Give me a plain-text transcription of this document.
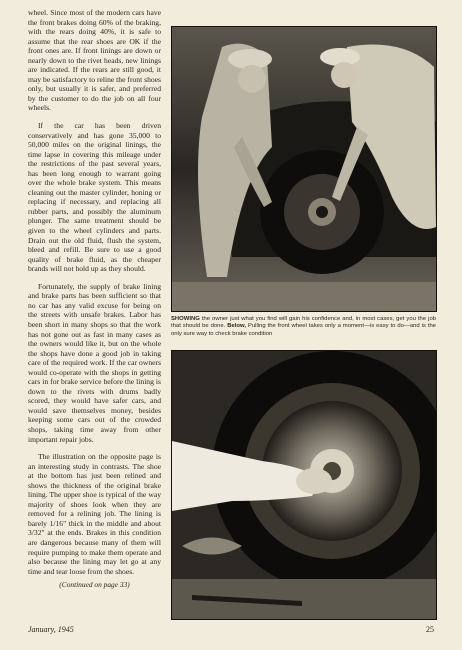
wheel. Since most of the modern cars have the front brakes doing 60% of the braking, with the rears doing 40%, it is safe to assume that the rear shoes are OK if the front ones are. If front linings are down or nearly down to the rivet heads, new linings are indicated. If the rears are still good, it may be satisfactory to reline the front shoes only, but usually it is safer, and preferred by the customer to do the job on all four wheels.

If the car has been driven conservatively and has gone 35,000 to 50,000 miles on the original linings, the time lapse in covering this mileage under the restrictions of the past several years, has been long enough to warrant going over the whole brake system. This means cleaning out the master cylinder, honing or replacing if necessary, and replacing all rubber parts, and possibly the aluminum plunger. The same treatment should be given to the wheel cylinders and parts. Drain out the old fluid, flush the system, bleed and refill. Be sure to use a good quality of brake fluid, as the cheaper brands will not hold up as they should.

Fortunately, the supply of brake lining and brake parts has been sufficient so that no car has any valid excuse for being on the streets with unsafe brakes. Labor has been short in many shops so that the work has not gone out as fast in many cases as the owners would like it, but on the whole the shops have done a good job in taking care of the required work. If the car owners would co-operate with the shops in getting cars in for brake service before the lining is down to the rivets with drums badly scored, they would have safer cars, and would save themselves money, besides keeping some cars out of the crowded shops, taking time away from other important repair jobs.

The illustration on the opposite page is an interesting study in contrasts. The shoe at the bottom has just been relined and shows the thickness of the original brake lining. The upper shoe is typical of the way majority of shoes look when they are removed for a relining job. The lining is barely 1/16" thick in the middle and about 3/32" at the ends. Brakes in this condition are dangerous because many of them will require pumping to make them operate and also because the lining may let go at any time and tear loose from the shoes.

(Continued on page 33)
SHOWING the owner just what you find will gain his confidence and, in most cases, get you the job that should be done. Below, Pulling the front wheel takes only a moment—is easy to do—and is the only sure way to check brake condition
January, 1945	25
